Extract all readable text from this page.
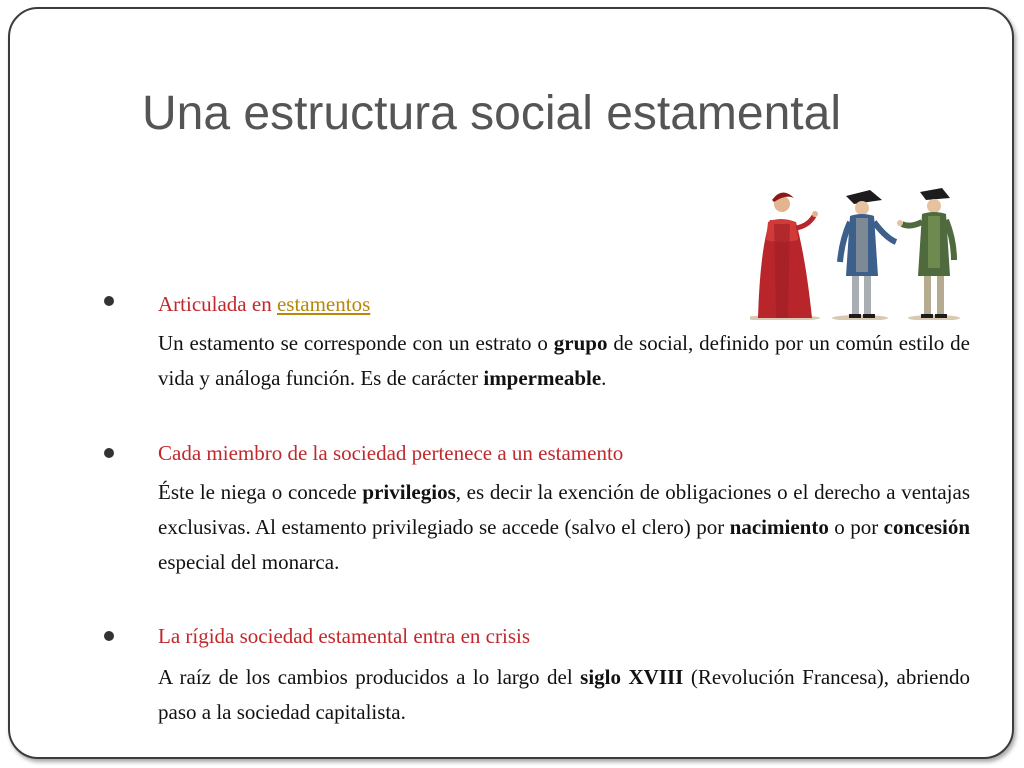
Una estructura social estamental
Articulada en estamentos

Un estamento se corresponde con un estrato o grupo de social, definido por un común estilo de vida y análoga función. Es de carácter impermeable.

Cada miembro de la sociedad pertenece a un estamento

Éste le niega o concede privilegios, es decir la exención de obligaciones o el derecho a ventajas exclusivas. Al estamento privilegiado se accede (salvo el clero) por nacimiento o por concesión especial del monarca.

La rígida sociedad estamental entra en crisis

A raíz de los cambios producidos a lo largo del siglo XVIII (Revolución Francesa), abriendo paso a la sociedad capitalista.
